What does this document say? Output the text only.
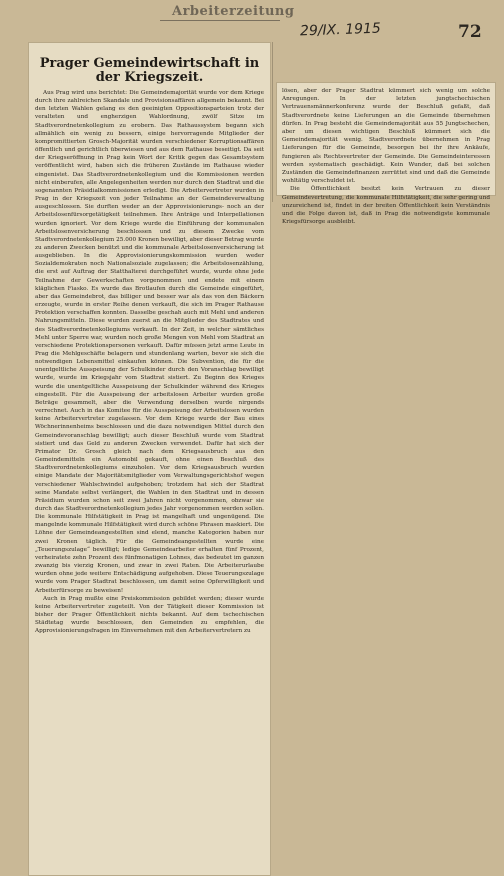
Arbeiterzeitung
29/IX. 1915	72
Prager Gemeindewirtschaft in der Kriegszeit.

Aus Prag wird uns berichtet: Die Gemeindemajorität wurde vor dem Kriege durch ihre zahlreichen Skandale und Provisionsaffären allgemein bekannt. Bei den letzten Wahlen gelang es den geeinigten Oppositionsparteien trotz der veralteten und engherzigen Wahlordnung, zwölf Sitze im Stadtverordnetenkollegium zu erobern. Das Rathaussystem begann sich allmählich ein wenig zu bessern, einige hervorragende Mitglieder der kompromittierten Grosch-Majorität wurden verschiedener Korruptionsaffären öffentlich und gerichtlich überwiesen und aus dem Rathause beseitigt. Da seit der Kriegseröffnung in Prag kein Wort der Kritik gegen das Gesamtsystem veröffentlicht wird, haben sich die früheren Zustände im Rathause wieder eingenistet. Das Stadtverordnetenkollegium und die Kommissionen werden nicht einberufen, alle Angelegenheiten werden nur durch den Stadtrat und die sogenannten Präsidialkommissionen erledigt. Die Arbeitervertreter wurden in Prag in der Kriegszeit von jeder Teilnahme an der Gemeindeverwaltung ausgeschlossen. Sie durften weder an der Approvisionierungs- noch an der Arbeitslosenfürsorgetätigkeit teilnehmen. Ihre Anträge und Interpellationen wurden ignoriert. Vor dem Kriege wurde die Einführung der kommunalen Arbeitslosenversicherung beschlossen und zu diesem Zwecke vom Stadtverordnetenkollegium 25.000 Kronen bewilligt, aber dieser Betrag wurde zu anderen Zwecken benützt und die kommunale Arbeitslosenversicherung ist ausgeblieben. In die Approvisionierungskommission wurden weder Sozialdemokraten noch Nationalsoziale zugelassen; die Arbeitslosenzählung, die erst auf Auftrag der Statthalterei durchgeführt wurde, wurde ohne jede Teilnahme der Gewerkschaften vorgenommen und endete mit einem kläglichen Fiasko. Es wurde das Brotlaufen durch die Gemeinde eingeführt, aber das Gemeindebrot, das billiger und besser war als das von den Bäckern erzeugte, wurde in erster Reihe denen verkauft, die sich im Prager Rathause Protektion verschaffen konnten. Dasselbe geschah auch mit Mehl und anderen Nahrungsmitteln. Diese wurden zuerst an die Mitglieder des Stadtrates und des Stadtverordnetenkollegiums verkauft. In der Zeit, in welcher sämtliches Mehl unter Sperre war, wurden noch große Mengen von Mehl vom Stadtrat an verschiedene Protektionspersonen verkauft. Dafür müssen jetzt arme Leute in Prag die Mehlgeschäfte belagern und stundenlang warten, bevor sie sich die notwendigen Lebensmittel einkaufen können. Die Subvention, die für die unentgeltliche Ausspeisung der Schulkinder durch den Voranschlag bewilligt wurde, wurde im Kriegsjahr vom Stadtrat sistiert. Zu Beginn des Krieges wurde die unentgeltliche Ausspeisung der Schulkinder während des Krieges eingestellt. Für die Ausspeisung der arbeitslosen Arbeiter wurden große Beträge gesammelt, aber die Verwendung derselben wurde nirgends verrechnet. Auch in das Komitee für die Ausspeisung der Arbeitslosen wurden keine Arbeitervertreter zugelassen. Vor dem Kriege wurde der Bau eines Wöchnerinnenheims beschlossen und die dazu notwendigen Mittel durch den Gemeindevoranschlag bewilligt; auch dieser Beschluß wurde vom Stadtrat sistiert und das Geld zu anderen Zwecken verwendet. Dafür hat sich der Primator Dr. Grosch gleich nach dem Kriegsausbruch aus den Gemeindemitteln ein Automobil gekauft, ohne einen Beschluß des Stadtverordnetenkollegiums einzuholen. Vor dem Kriegsausbruch wurden einige Mandate der Majoritätsmitglieder vom Verwaltungsgerichtshof wegen verschiedener Wahlschwindel aufgehoben; trotzdem hat sich der Stadtrat seine Mandate selbst verlängert, die Wahlen in den Stadtrat und in dessen Präsidium wurden schon seit zwei Jahren nicht vorgenommen, obzwar sie durch das Stadtverordnetenkollegium jedes Jahr vorgenommen werden sollen. Die kommunale Hilfstätigkeit in Prag ist mangelhaft und ungenügend. Die mangelnde kommunale Hilfstätigkeit wird durch schöne Phrasen maskiert. Die Löhne der Gemeindeangestellten sind elend, manche Kategorien haben nur zwei Kronen täglich. Für die Gemeindeangestellten wurde eine „Teuerungszulage“ bewilligt; ledige Gemeindearbeiter erhalten fünf Prozent, verheiratete zehn Prozent des fünfmonatigen Lohnes, das bedeutet im ganzen zwanzig bis vierzig Kronen, und zwar in zwei Raten. Die Arbeiterurlaube wurden ohne jede weitere Entschädigung aufgehoben. Diese Teuerungszulage wurde vom Prager Stadtrat beschlossen, um damit seine Opferwilligkeit und Arbeiterfürsorge zu beweisen!

Auch in Prag mußte eine Preiskommission gebildet werden; dieser wurde keine Arbeitervertreter zugeteilt. Von der Tätigkeit dieser Kommission ist bisher der Prager Öffentlichkeit nichts bekannt. Auf dem tschechischen Städtetag wurde beschlossen, den Gemeinden zu empfehlen, die Approvisionierungsfragen im Einvernehmen mit den Arbeitervertretern zu

lösen, aber der Prager Stadtrat kümmert sich wenig um solche Anregungen. In der letzten jungtschechischen Vertrauensmännerkonferenz wurde der Beschluß gefaßt, daß Stadtverordnete keine Lieferungen an die Gemeinde übernehmen dürfen. In Prag besteht die Gemeindemajorität aus 55 Jungtschechen, aber um diesen wichtigen Beschluß kümmert sich die Gemeindemajorität wenig. Stadtverordnete übernehmen in Prag Lieferungen für die Gemeinde, besorgen bei ihr ihre Ankäufe, fungieren als Rechtsvertreter der Gemeinde. Die Gemeindeinteressen werden systematisch geschädigt. Kein Wunder, daß bei solchen Zuständen die Gemeindefinanzen zerrüttet sind und daß die Gemeinde wohltätig verschuldet ist.

Die Öffentlichkeit besitzt kein Vertrauen zu dieser Gemeindevertretung, die kommunale Hilfstätigkeit, die sehr gering und unzureichend ist, findet in der breiten Öffentlichkeit kein Verständnis und die Folge davon ist, daß in Prag die notwendigste kommunale Kriegsfürsorge ausbleibt.
